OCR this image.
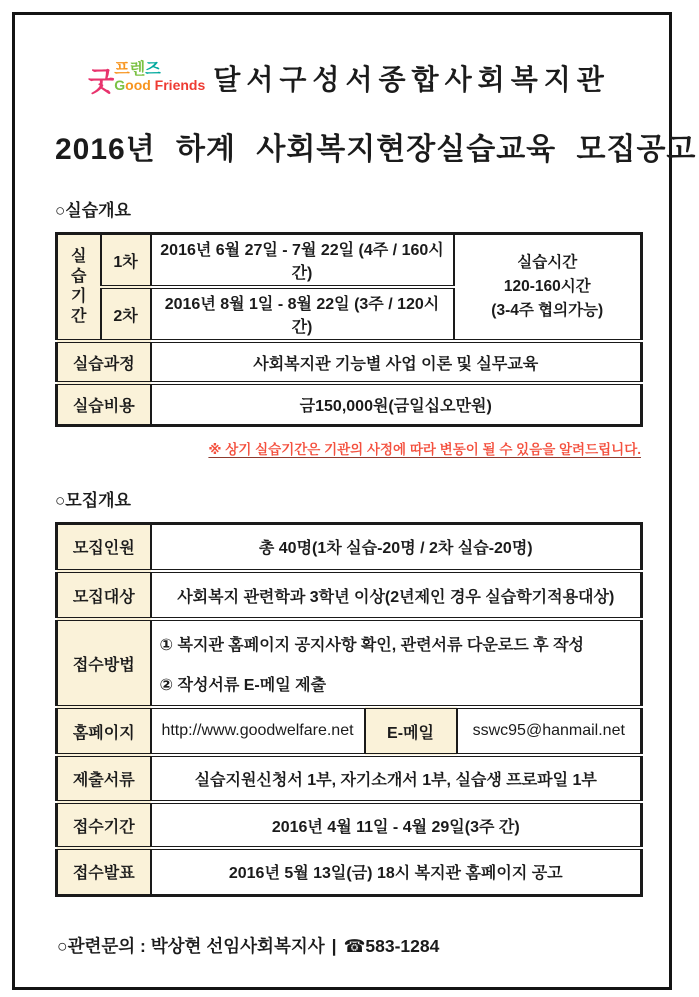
굿 프렌즈
Good Friends 달서구성서종합사회복지관
2016년 하계 사회복지현장실습교육 모집공고
○실습개요
실습기간	1차	2016년 6월 27일 - 7월 22일 (4주 / 160시간)	실습시간
120-160시간
(3-4주 협의가능)

	2차	2016년 8월 1일 - 8월 22일 (3주 / 120시간)	
실습과정		사회복지관 기능별 사업 이론 및 실무교육	
실습비용		금150,000원(금일십오만원)	

※ 상기 실습기간은 기관의 사정에 따라 변동이 될 수 있음을 알려드립니다.

○모집개요
모집인원	총 40명(1차 실습-20명 / 2차 실습-20명)		
모집대상	사회복지 관련학과 3학년 이상(2년제인 경우 실습학기적용대상)		
접수방법	① 복지관 홈페이지 공지사항 확인, 관련서류 다운로드 후 작성
② 작성서류 E-메일 제출		

홈페이지	http://www.goodwelfare.net	E-메일	sswc95@hanmail.net
제출서류	실습지원신청서 1부, 자기소개서 1부, 실습생 프로파일 1부		
접수기간	2016년 4월 11일 - 4월 29일(3주 간)		
접수발표	2016년 5월 13일(금) 18시 복지관 홈페이지 공고		

○관련문의 : 박상현 선임사회복지사 | ☎583-1284
